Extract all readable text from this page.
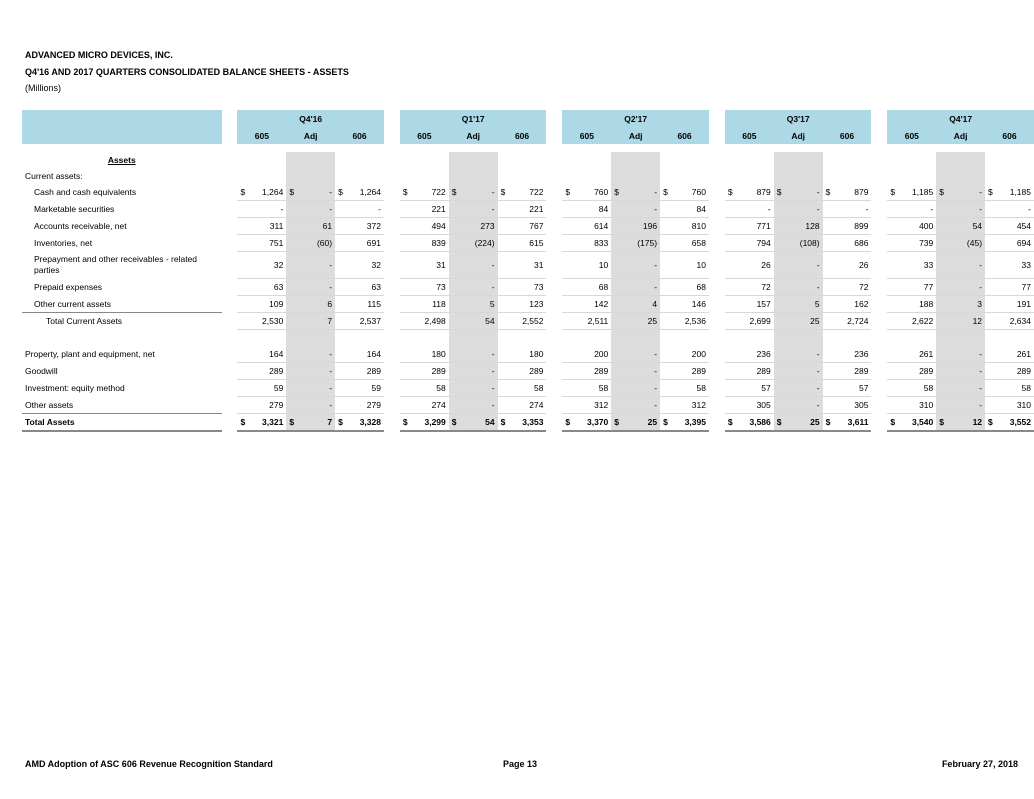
ADVANCED MICRO DEVICES, INC.
Q4'16 AND 2017 QUARTERS CONSOLIDATED BALANCE SHEETS - ASSETS
(Millions)
		Q4'16				Q1'17				Q2'17				Q3'17				Q4'17		
		605	Adj	606		605	Adj	606		605	Adj	606		605	Adj	606		605	Adj	606

Assets																				
Current assets:																				
Cash and cash equivalents		$ 1,264	$ -	$ 1,264		$ 722	$ -	$ 722		$ 760	$ -	$ 760		$ 879	$ -	$ 879		$ 1,185	$ -	$ 1,185

Marketable securities		-	-	-		221	-	221		84	-	84		-	-	-		-	-	-
Accounts receivable, net		311	61	372		494	273	767		614	196	810		771	128	899		400	54	454
Inventories, net		751	(60)	691		839	(224)	615		833	(175)	658		794	(108)	686		739	(45)	694
Prepayment and other receivables - related parties		32	-	32		31	-	31		10	-	10		26	-	26		33	-	33
Prepaid expenses		63	-	63		73	-	73		68	-	68		72	-	72		77	-	77
Other current assets		109	6	115		118	5	123		142	4	146		157	5	162		188	3	191
Total Current Assets		2,530	7	2,537		2,498	54	2,552		2,511	25	2,536		2,699	25	2,724		2,622	12	2,634

Property, plant and equipment, net		164	-	164		180	-	180		200	-	200		236	-	236		261	-	261
Goodwill		289	-	289		289	-	289		289	-	289		289	-	289		289	-	289
Investment: equity method		59	-	59		58	-	58		58	-	58		57	-	57		58	-	58
Other assets		279	-	279		274	-	274		312	-	312		305	-	305		310	-	310
Total Assets		$ 3,321	$ 7	$ 3,328		$ 3,299	$ 54	$ 3,353		$ 3,370	$ 25	$ 3,395		$ 3,586	$ 25	$ 3,611		$ 3,540	$ 12	$ 3,552
AMD Adoption of ASC 606 Revenue Recognition Standard	Page 13	February 27, 2018
